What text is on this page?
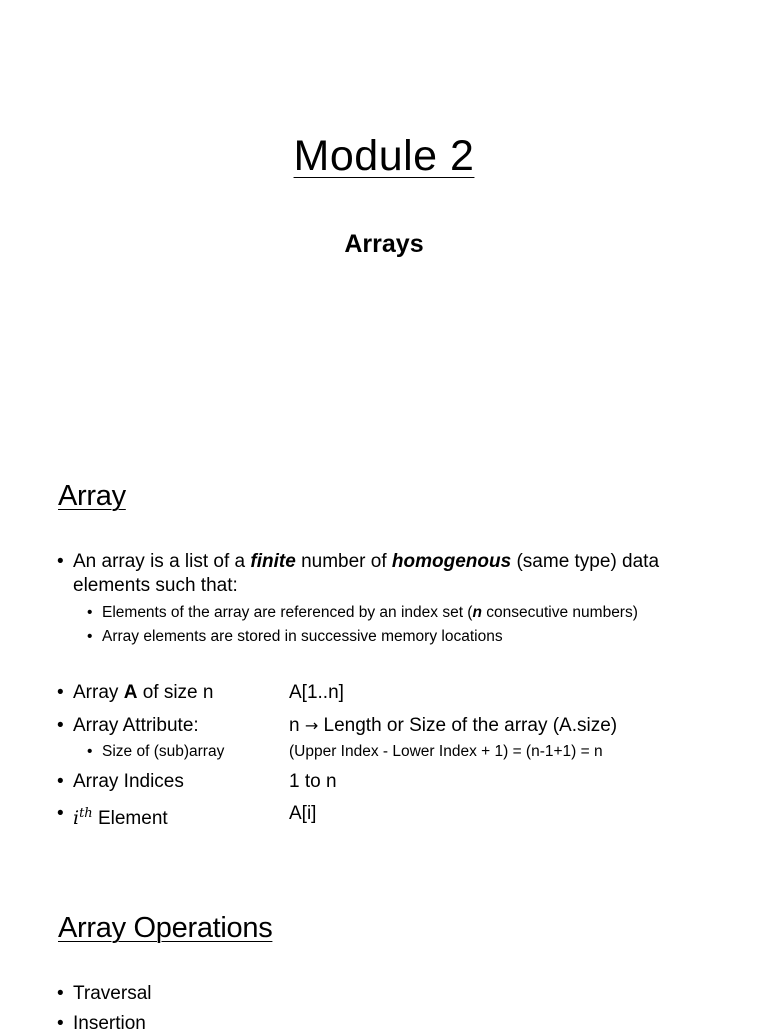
Module 2
Arrays
Array
• An array is a list of a finite number of homogenous (same type) data elements such that:
• Elements of the array are referenced by an index set (n consecutive numbers)
• Array elements are stored in successive memory locations
• Array A of size n	A[1..n]
• Array Attribute:	n → Length or Size of the array (A.size)
• Size of (sub)array	(Upper Index - Lower Index + 1) = (n-1+1) = n
• Array Indices	1 to n
• $i^{th}$ Element	A[i]
Array Operations
• Traversal
• Insertion
